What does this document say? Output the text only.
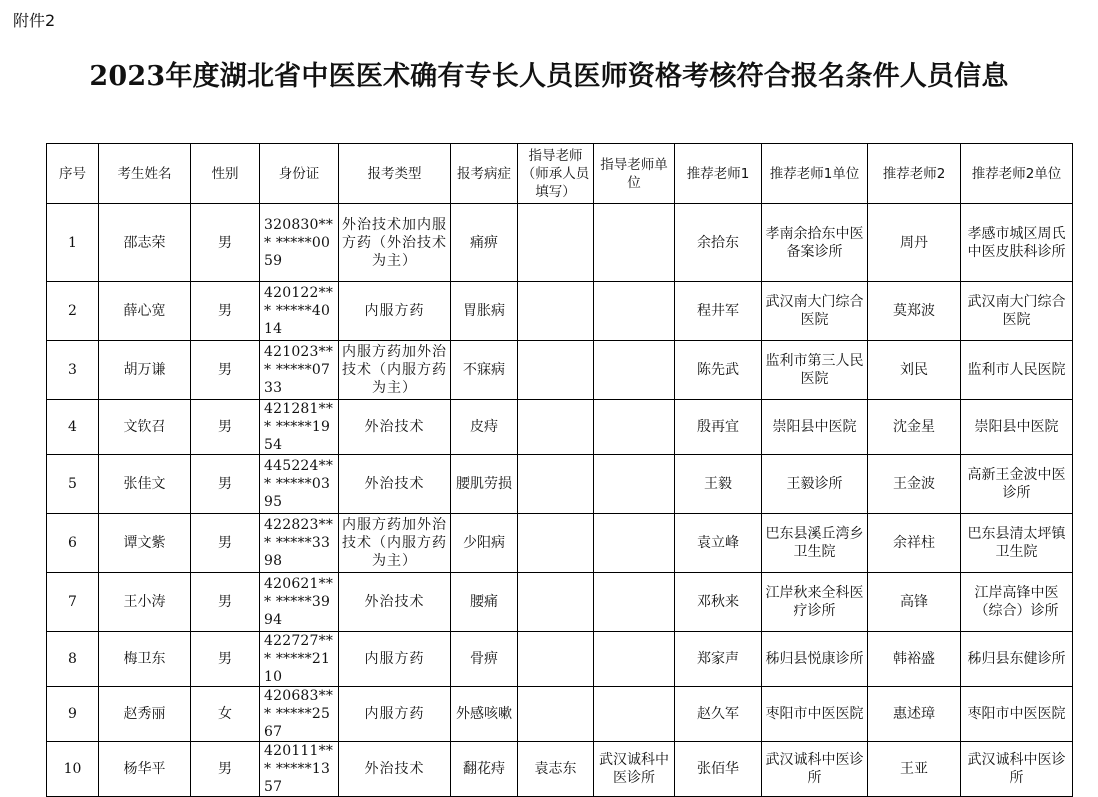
附件2
2023年度湖北省中医医术确有专长人员医师资格考核符合报名条件人员信息
序号	考生姓名	性别	身份证	报考类型	报考病症	指导老师（师承人员填写）	指导老师单位	推荐老师1	推荐老师1单位	推荐老师2	推荐老师2单位
1	邵志荣	男	320830*** *****0059	外治技术加内服方药（外治技术为主）	痛痹			余拾东	孝南余拾东中医备案诊所	周丹	孝感市城区周氏中医皮肤科诊所
2	薛心宽	男	420122*** *****4014	内服方药	胃胀病			程井军	武汉南大门综合医院	莫郑波	武汉南大门综合医院
3	胡万谦	男	421023*** *****0733	内服方药加外治技术（内服方药为主）	不寐病			陈先武	监利市第三人民医院	刘民	监利市人民医院
4	文钦召	男	421281*** *****1954	外治技术	皮痔			殷再宜	崇阳县中医院	沈金星	崇阳县中医院
5	张佳文	男	445224*** *****0395	外治技术	腰肌劳损			王毅	王毅诊所	王金波	高新王金波中医诊所
6	谭文紫	男	422823*** *****3398	内服方药加外治技术（内服方药为主）	少阳病			袁立峰	巴东县溪丘湾乡卫生院	余祥柱	巴东县清太坪镇卫生院
7	王小涛	男	420621*** *****3994	外治技术	腰痛			邓秋来	江岸秋来全科医疗诊所	高锋	江岸高锋中医（综合）诊所
8	梅卫东	男	422727*** *****2110	内服方药	骨痹			郑家声	秭归县悦康诊所	韩裕盛	秭归县东健诊所
9	赵秀丽	女	420683*** *****2567	内服方药	外感咳嗽			赵久军	枣阳市中医医院	惠述璋	枣阳市中医医院
10	杨华平	男	420111*** *****1357	外治技术	翻花痔	袁志东	武汉诚科中医诊所	张佰华	武汉诚科中医诊所	王亚	武汉诚科中医诊所
